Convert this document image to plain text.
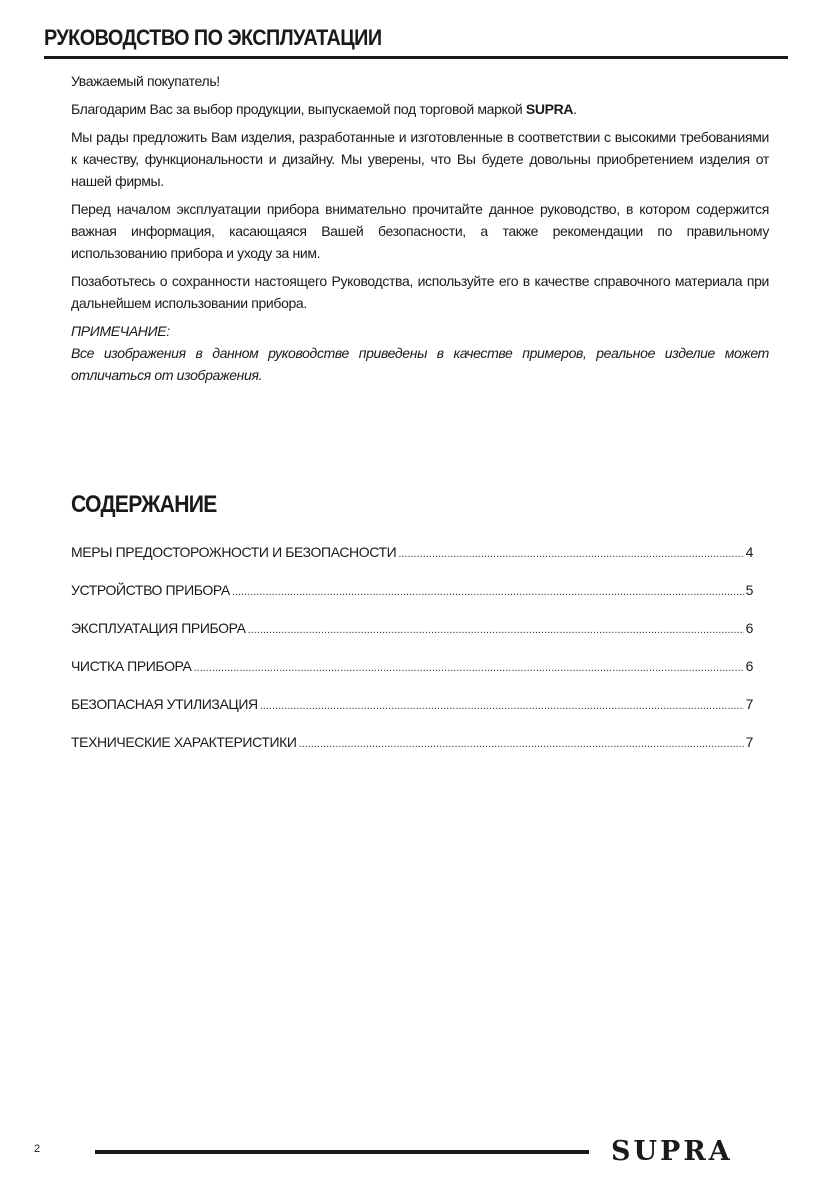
РУКОВОДСТВО ПО ЭКСПЛУАТАЦИИ

Уважаемый покупатель!

Благодарим Вас за выбор продукции, выпускаемой под торговой маркой SUPRA.

Мы рады предложить Вам изделия, разработанные и изготовленные в соответствии с высокими требованиями к качеству, функциональности и дизайну. Мы уверены, что Вы будете довольны приобретением изделия от нашей фирмы.

Перед началом эксплуатации прибора внимательно прочитайте данное руководство, в котором содержится важная информация, касающаяся Вашей безопасности, а также рекомендации по правильному использованию прибора и уходу за ним.

Позаботьтесь о сохранности настоящего Руководства, используйте его в качестве справочного материала при дальнейшем использовании прибора.

ПРИМЕЧАНИЕ:

Все изображения в данном руководстве приведены в качестве примеров, реальное изделие может отличаться от изображения.

СОДЕРЖАНИЕ
МЕРЫ ПРЕДОСТОРОЖНОСТИ И БЕЗОПАСНОСТИ .....	4
УСТРОЙСТВО ПРИБОРА .....	5
ЭКСПЛУАТАЦИЯ ПРИБОРА .....	6
ЧИСТКА ПРИБОРА .....	6
БЕЗОПАСНАЯ УТИЛИЗАЦИЯ .....	7
ТЕХНИЧЕСКИЕ ХАРАКТЕРИСТИКИ .....	7
2	SUPRA
